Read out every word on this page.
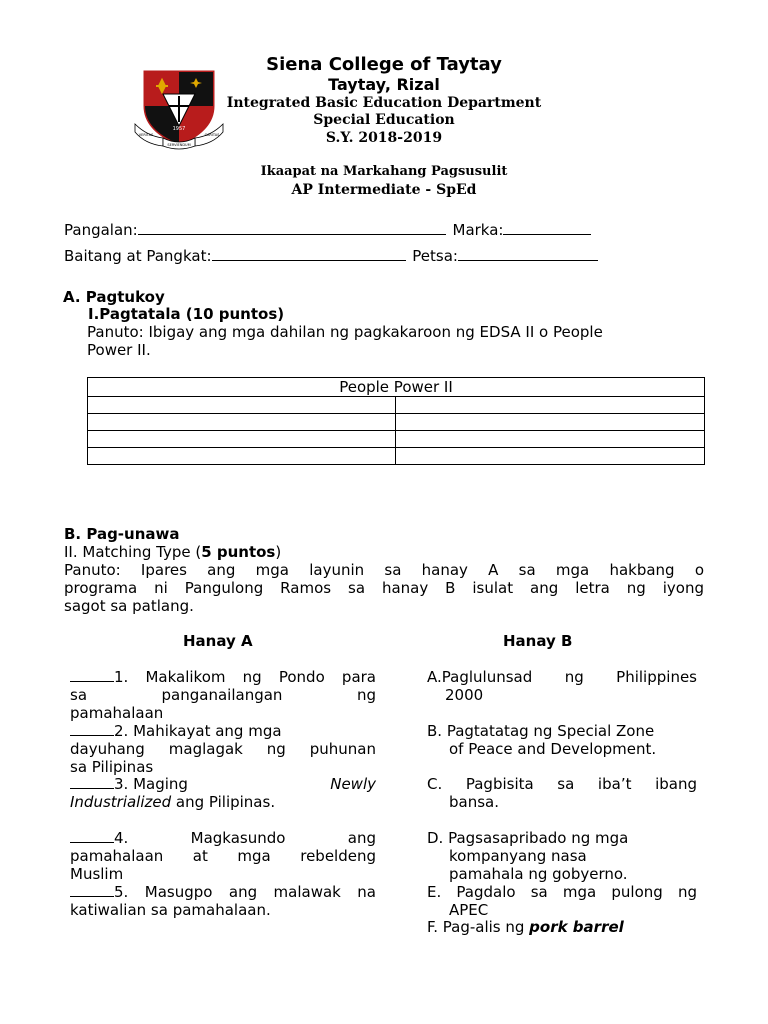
1957
VERITAS
SERVIENDUM
CARITAS
Siena College of Taytay
Taytay, Rizal
Integrated Basic Education Department
Special Education
S.Y. 2018-2019
Ikaapat na Markahang Pagsusulit
AP Intermediate - SpEd
Pangalan:	Marka:
Baitang at Pangkat:	Petsa:
A. Pagtukoy
I.Pagtatala (10 puntos)
Panuto: Ibigay ang mga dahilan ng pagkakaroon ng EDSA II o People
Power II.
People Power II	

B. Pag-unawa
II. Matching Type (5 puntos)
Panuto: Ipares ang mga layunin sa hanay A sa mga hakbang o
programa ni Pangulong Ramos sa hanay B isulat ang letra ng iyong
sagot sa patlang.
Hanay A	Hanay B
1. Makalikom ng Pondo para
sa panganailangan ng
pamahalaan
2. Mahikayat ang mga
dayuhang maglagak ng puhunan
sa Pilipinas
3. Maging	Newly
Industrialized ang Pilipinas.
4. Magkasundo ang
pamahalaan at mga rebeldeng
Muslim
5. Masugpo ang malawak na
katiwalian sa pamahalaan.
A.Paglulunsad ng Philippines
2000
B. Pagtatatag ng Special Zone
of Peace and Development.
C. Pagbisita sa iba’t ibang
bansa.
D. Pagsasapribado ng mga
kompanyang nasa
pamahala ng gobyerno.
E. Pagdalo sa mga pulong ng
APEC
F. Pag-alis ng pork barrel
